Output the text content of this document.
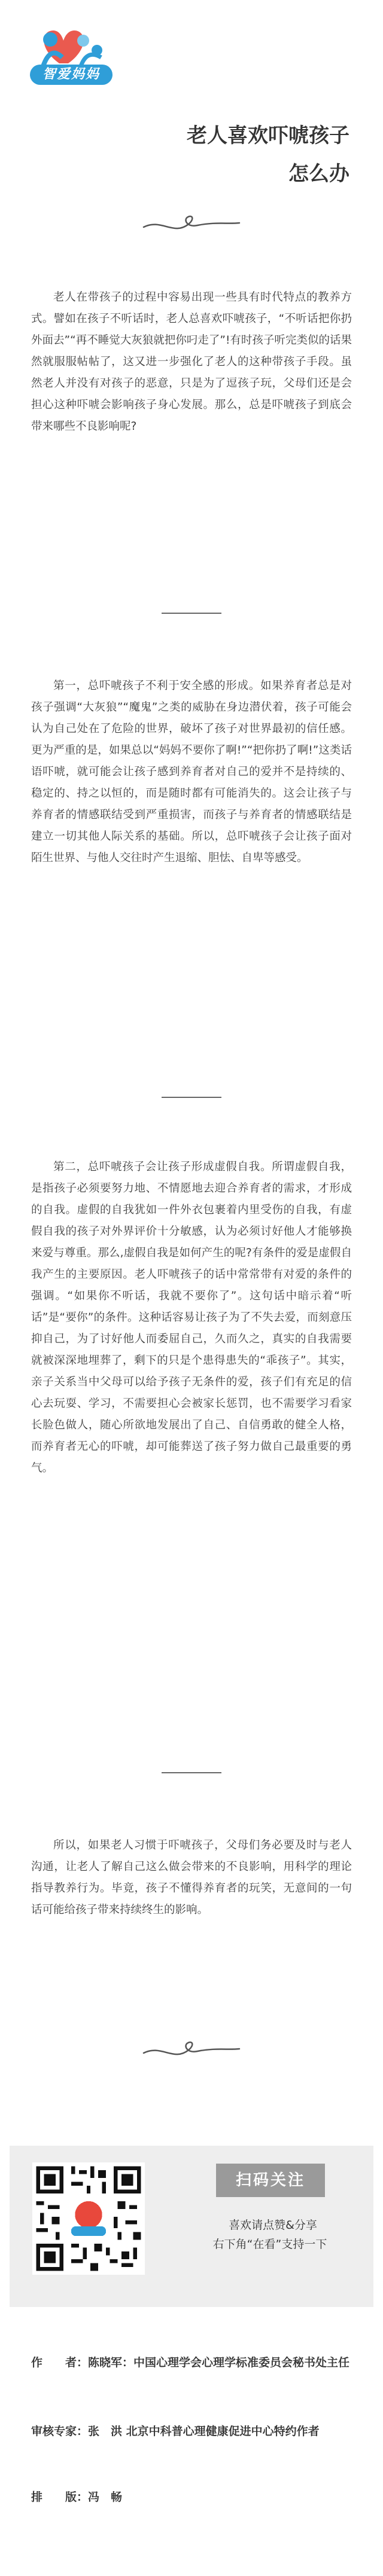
智爱妈妈
老人喜欢吓唬孩子
怎么办

老人在带孩子的过程中容易出现一些具有时代特点的教养方式。譬如在孩子不听话时，老人总喜欢吓唬孩子，“不听话把你扔外面去”“再不睡觉大灰狼就把你叼走了”!有时孩子听完类似的话果然就服服帖帖了，这又进一步强化了老人的这种带孩子手段。虽然老人并没有对孩子的恶意，只是为了逗孩子玩，父母们还是会担心这种吓唬会影响孩子身心发展。那么，总是吓唬孩子到底会带来哪些不良影响呢?

第一，总吓唬孩子不利于安全感的形成。如果养育者总是对孩子强调“大灰狼”“魔鬼”之类的威胁在身边潜伏着，孩子可能会认为自己处在了危险的世界，破坏了孩子对世界最初的信任感。更为严重的是，如果总以“妈妈不要你了啊!”“把你扔了啊!”这类话语吓唬，就可能会让孩子感到养育者对自己的爱并不是持续的、稳定的、持之以恒的，而是随时都有可能消失的。这会让孩子与养育者的情感联结受到严重损害，而孩子与养育者的情感联结是建立一切其他人际关系的基础。所以，总吓唬孩子会让孩子面对陌生世界、与他人交往时产生退缩、胆怯、自卑等感受。

第二，总吓唬孩子会让孩子形成虚假自我。所谓虚假自我，是指孩子必须要努力地、不情愿地去迎合养育者的需求，才形成的自我。虚假的自我犹如一件外衣包裹着内里受伤的自我，有虚假自我的孩子对外界评价十分敏感，认为必须讨好他人才能够换来爱与尊重。那么,虚假自我是如何产生的呢?有条件的爱是虚假自我产生的主要原因。老人吓唬孩子的话中常常带有对爱的条件的强调。“如果你不听话，我就不要你了”。这句话中暗示着“听话”是“要你”的条件。这种话容易让孩子为了不失去爱，而刻意压抑自己，为了讨好他人而委屈自己，久而久之，真实的自我需要就被深深地埋葬了，剩下的只是个患得患失的“乖孩子”。其实，亲子关系当中父母可以给予孩子无条件的爱，孩子们有充足的信心去玩耍、学习，不需要担心会被家长惩罚，也不需要学习看家长脸色做人，随心所欲地发展出了自己、自信勇敢的健全人格，而养育者无心的吓唬，却可能葬送了孩子努力做自己最重要的勇气。

所以，如果老人习惯于吓唬孩子，父母们务必要及时与老人沟通，让老人了解自己这么做会带来的不良影响，用科学的理论指导教养行为。毕竟，孩子不懂得养育者的玩笑，无意间的一句话可能给孩子带来持续终生的影响。

扫码关注
喜欢请点赞&分享
右下角“在看”支持一下

作　　者：陈晓军：中国心理学会心理学标准委员会秘书处主任

审核专家：张　洪 北京中科普心理健康促进中心特约作者

排　　版：冯　畅
